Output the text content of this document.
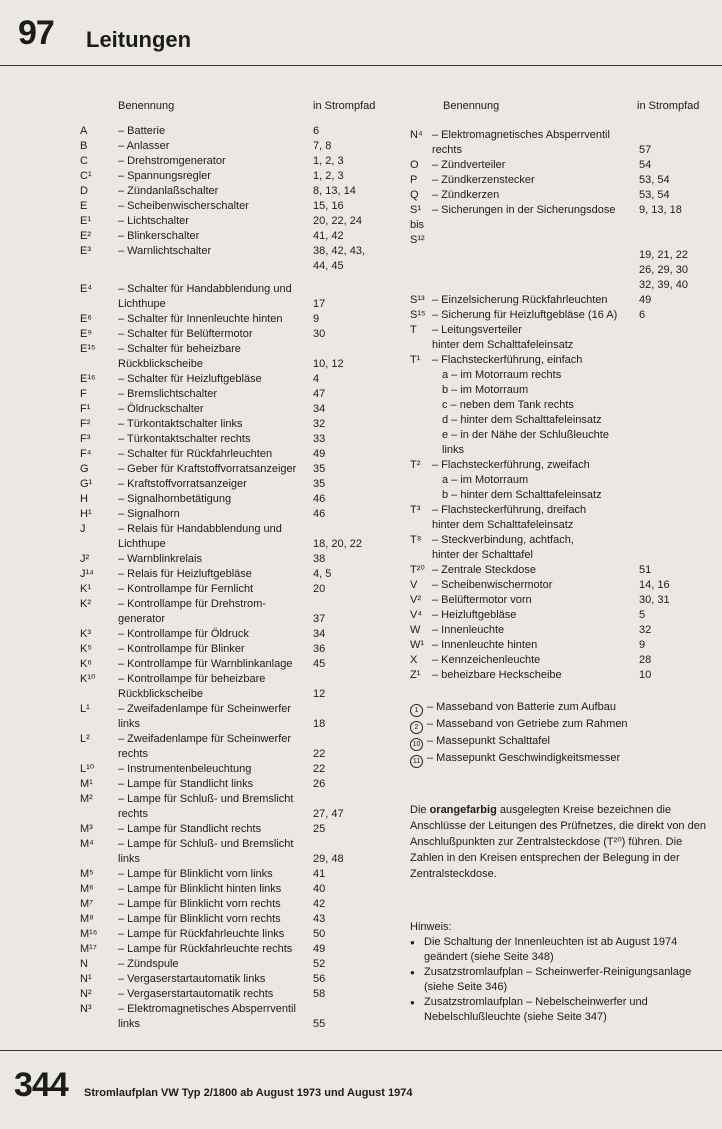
97 Leitungen
Benennung	in Strompfad	Benennung	in Strompfad
A	– Batterie	6
B	– Anlasser	7, 8
C	– Drehstromgenerator	1, 2, 3
C¹ – Spannungsregler	1, 2, 3
D	– Zündanlaßschalter	8, 13, 14
E	– Scheibenwischerschalter	15, 16
E¹ – Lichtschalter	20, 22, 24
E² – Blinkerschalter	41, 42
E³ – Warnlichtschalter	38, 42, 43,
44, 45
E⁴ – Schalter für Handabblendung und
Lichthupe	17
E⁶ – Schalter für Innenleuchte hinten	9
E⁹ – Schalter für Belüftermotor	30
E¹⁵ – Schalter für beheizbare
Rückblickscheibe	10, 12
E¹⁶ – Schalter für Heizluftgebläse	4
F	– Bremslichtschalter	47
F¹	– Öldruckschalter	34
F²	– Türkontaktschalter links	32
F³	– Türkontaktschalter rechts	33
F⁴ – Schalter für Rückfahrleuchten	49
G	– Geber für Kraftstoffvorratsanzeiger 35
G¹ – Kraftstoffvorratsanzeiger	35
H	– Signalhornbetätigung	46
H¹ – Signalhorn	46
J	– Relais für Handabblendung und
Lichthupe	18, 20, 22
J²	– Warnblinkrelais	38
J¹⁴ – Relais für Heizluftgebläse	4, 5
K¹ – Kontrollampe für Fernlicht	20
K² – Kontrollampe für Drehstrom-
generator	37
K³ – Kontrollampe für Öldruck	34
K⁵ – Kontrollampe für Blinker	36
K⁶ – Kontrollampe für Warnblinkanlage 45
K¹⁰ – Kontrollampe für beheizbare
Rückblickscheibe	12
L¹	– Zweifadenlampe für Scheinwerfer
links	18
L²	– Zweifadenlampe für Scheinwerfer
rechts	22
L¹⁰ – Instrumentenbeleuchtung	22
M¹ – Lampe für Standlicht links	26
M² – Lampe für Schluß- und Bremslicht
rechts	27, 47
M³ – Lampe für Standlicht rechts	25
M⁴ – Lampe für Schluß- und Bremslicht
links	29, 48
M⁵ – Lampe für Blinklicht vorn links	41
M⁶ – Lampe für Blinklicht hinten links	40
M⁷ – Lampe für Blinklicht vorn rechts	42
M⁸ – Lampe für Blinklicht vorn rechts	43
M¹⁶ – Lampe für Rückfahrleuchte links	50
M¹⁷ – Lampe für Rückfahrleuchte rechts 49
N	– Zündspule	52
N¹ – Vergaserstartautomatik links	56
N² – Vergaserstartautomatik rechts	58
N³ – Elektromagnetisches Absperrventil
links	55
N⁴ – Elektromagnetisches Absperrventil
rechts	57
O – Zündverteiler	54
P – Zündkerzenstecker	53, 54
Q – Zündkerzen	53, 54
S¹ bis S¹²– Sicherungen in der Sicherungsdose 9, 13, 18
19, 21, 22
26, 29, 30
32, 39, 40
S¹³ – Einzelsicherung Rückfahrleuchten	49
S¹⁵ – Sicherung für Heizluftgebläse (16 A) 6
T – Leitungsverteiler
hinter dem Schalttafeleinsatz
T¹ – Flachsteckerführung, einfach
a – im Motorraum rechts
b – im Motorraum
c – neben dem Tank rechts
d – hinter dem Schalttafeleinsatz
e – in der Nähe der Schlußleuchte
links
T² – Flachsteckerführung, zweifach
a – im Motorraum
b – hinter dem Schalttafeleinsatz
T³ – Flachsteckerführung, dreifach
hinter dem Schalttafeleinsatz
T⁸ – Steckverbindung, achtfach,
hinter der Schalttafel
T²⁰ – Zentrale Steckdose	51
V – Scheibenwischermotor	14, 16
V² – Belüftermotor vorn	30, 31
V⁴ – Heizluftgebläse	5
W – Innenleuchte	32
W¹ – Innenleuchte hinten	9
X – Kennzeichenleuchte	28
Z¹ – beheizbare Heckscheibe	10
1 – Masseband von Batterie zum Aufbau
2 – Masseband von Getriebe zum Rahmen
10 – Massepunkt Schalttafel
11 – Massepunkt Geschwindigkeitsmesser
Die orangefarbig ausgelegten Kreise bezeichnen die Anschlüsse der Leitungen des Prüfnetzes, die direkt von den Anschlußpunkten zur Zentralsteckdose (T²⁰) führen. Die Zahlen in den Kreisen entsprechen der Belegung in der Zentralsteckdose.
Hinweis:
● Die Schaltung der Innenleuchten ist ab August 1974 geändert (siehe Seite 348)
● Zusatzstromlaufplan – Scheinwerfer-Reinigungsanlage (siehe Seite 346)
● Zusatzstromlaufplan – Nebelscheinwerfer und Nebelschlußleuchte (siehe Seite 347)
344 Stromlaufplan VW Typ 2/1800 ab August 1973 und August 1974
